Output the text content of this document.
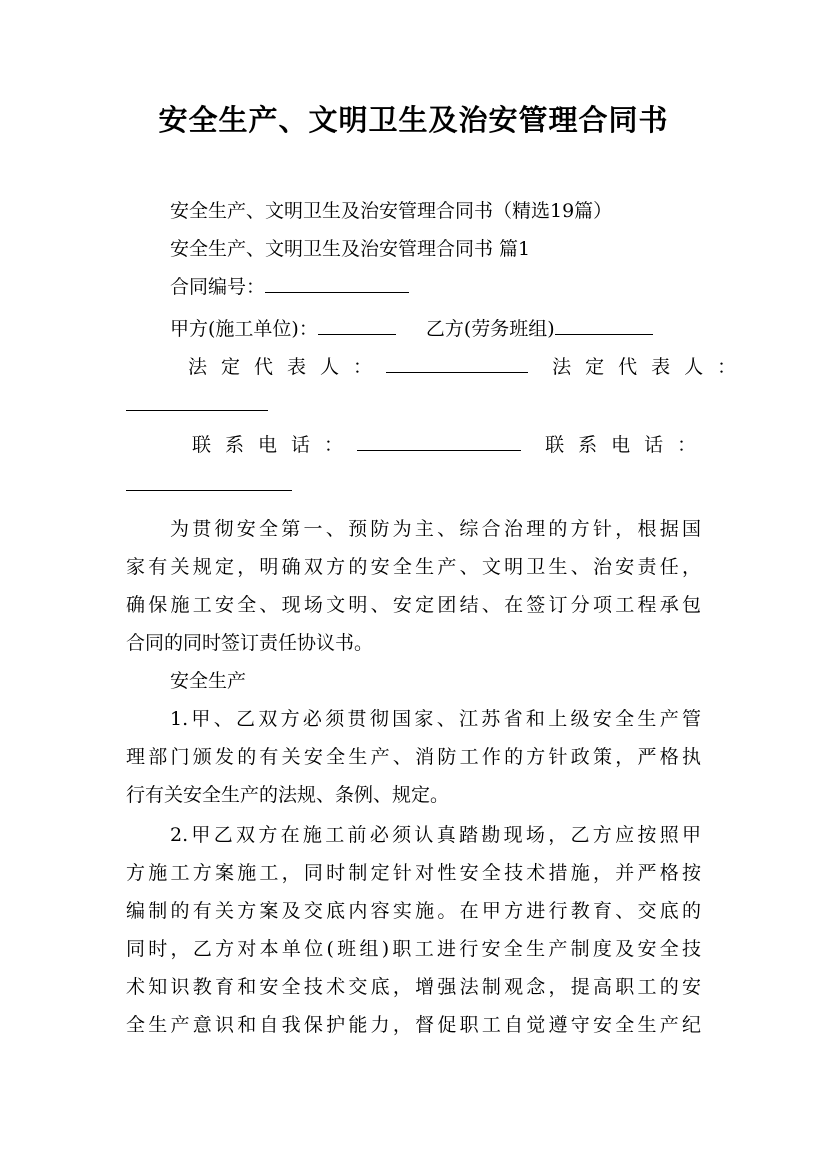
安全生产、文明卫生及治安管理合同书
安全生产、文明卫生及治安管理合同书（精选19篇）
安全生产、文明卫生及治安管理合同书 篇1
合同编号：
甲方(施工单位)：	乙方(劳务班组)
法定代表人：	法定代表人：
联系电话：	联系电话：
为贯彻安全第一、预防为主、综合治理的方针，根据国
家有关规定，明确双方的安全生产、文明卫生、治安责任，
确保施工安全、现场文明、安定团结、在签订分项工程承包
合同的同时签订责任协议书。
安全生产
1.甲、乙双方必须贯彻国家、江苏省和上级安全生产管
理部门颁发的有关安全生产、消防工作的方针政策，严格执
行有关安全生产的法规、条例、规定。
2.甲乙双方在施工前必须认真踏勘现场，乙方应按照甲
方施工方案施工，同时制定针对性安全技术措施，并严格按
编制的有关方案及交底内容实施。在甲方进行教育、交底的
同时，乙方对本单位(班组)职工进行安全生产制度及安全技
术知识教育和安全技术交底，增强法制观念，提高职工的安
全生产意识和自我保护能力，督促职工自觉遵守安全生产纪
